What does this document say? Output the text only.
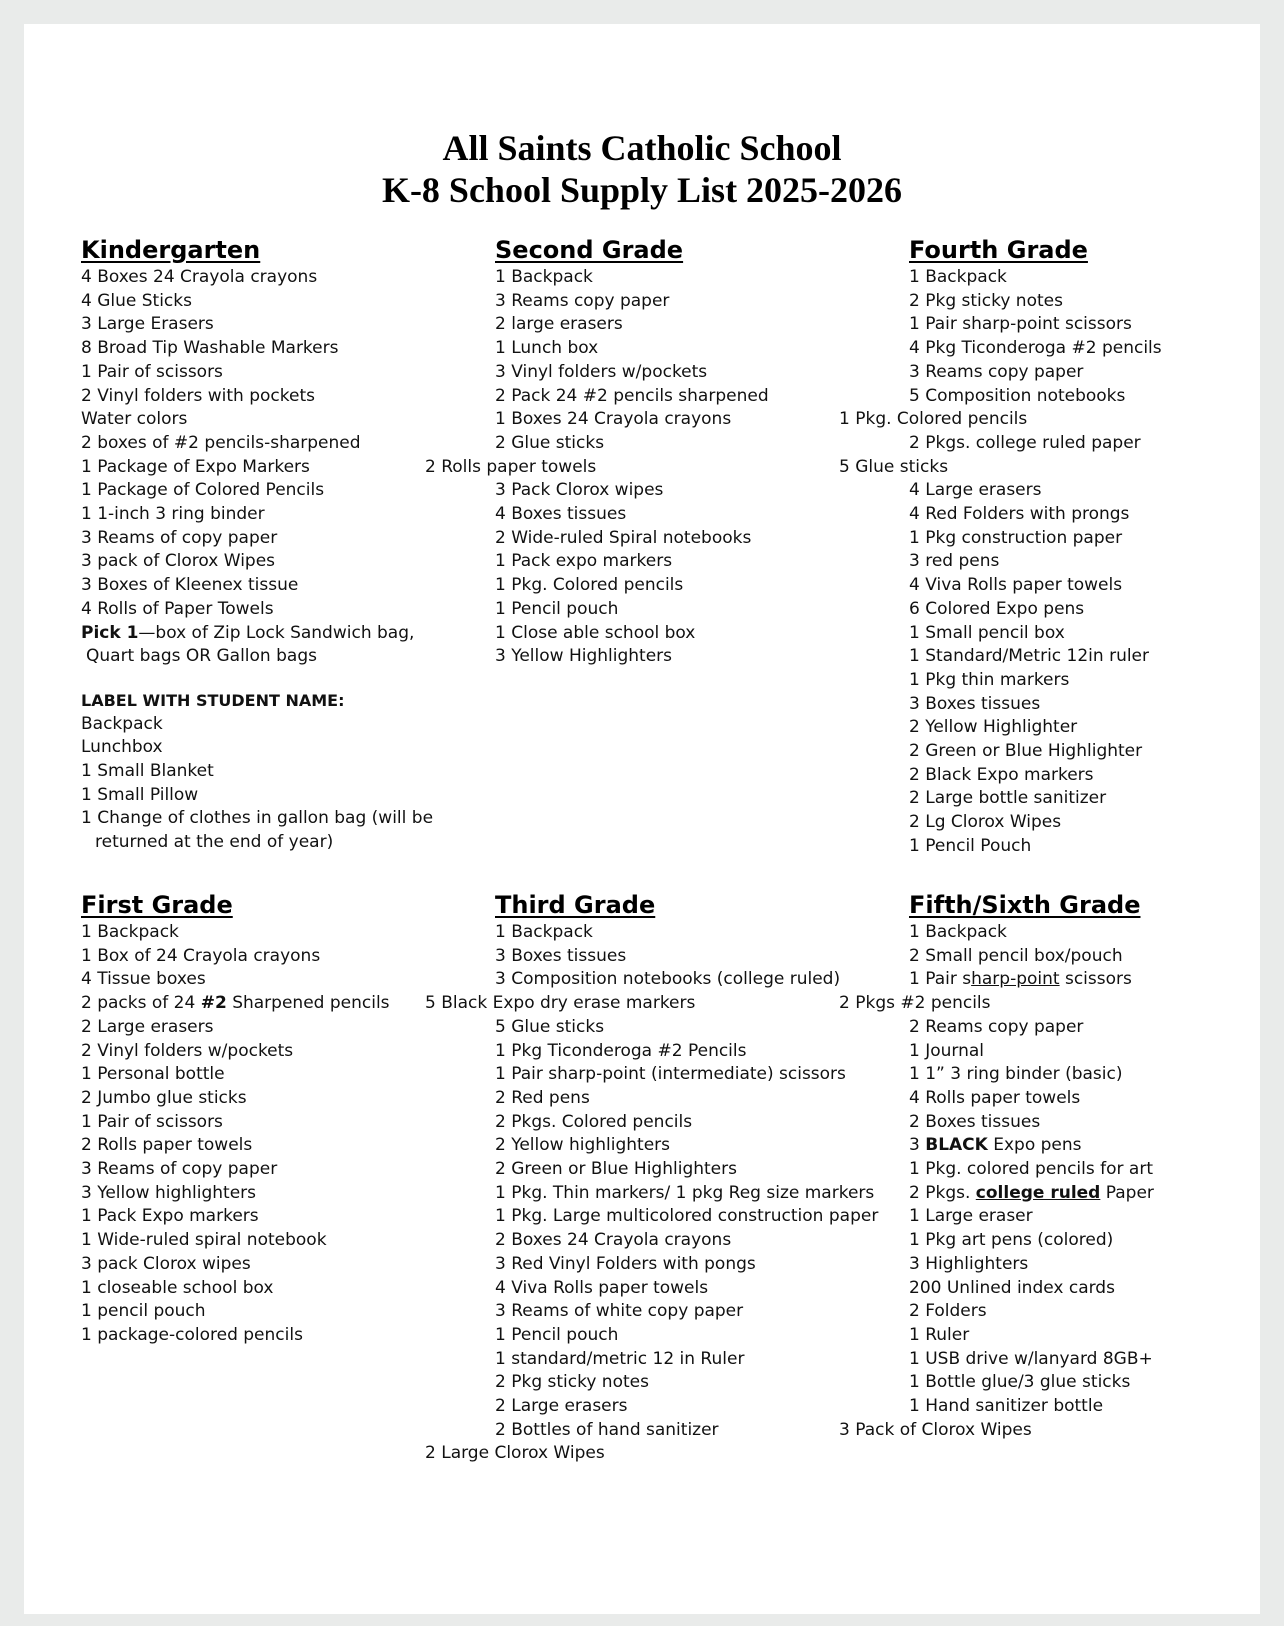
All Saints Catholic School
K-8 School Supply List 2025-2026
Kindergarten
4 Boxes 24 Crayola crayons
4 Glue Sticks
3 Large Erasers
8 Broad Tip Washable Markers
1 Pair of scissors
2 Vinyl folders with pockets
Water colors
2 boxes of #2 pencils-sharpened
1 Package of Expo Markers
1 Package of Colored Pencils
1 1-inch 3 ring binder
3 Reams of copy paper
3 pack of Clorox Wipes
3 Boxes of Kleenex tissue
4 Rolls of Paper Towels
Pick 1—box of Zip Lock Sandwich bag,
Quart bags OR Gallon bags
LABEL WITH STUDENT NAME:
Backpack
Lunchbox
1 Small Blanket
1 Small Pillow
1 Change of clothes in gallon bag (will be
returned at the end of year)
Second Grade
1 Backpack
3 Reams copy paper
2 large erasers
1 Lunch box
3 Vinyl folders w/pockets
2 Pack 24 #2 pencils sharpened
1 Boxes 24 Crayola crayons
2 Glue sticks
2 Rolls paper towels
3 Pack Clorox wipes
4 Boxes tissues
2 Wide-ruled Spiral notebooks
1 Pack expo markers
1 Pkg. Colored pencils
1 Pencil pouch
1 Close able school box
3 Yellow Highlighters
Fourth Grade
1 Backpack
2 Pkg sticky notes
1 Pair sharp-point scissors
4 Pkg Ticonderoga #2 pencils
3 Reams copy paper
5 Composition notebooks
1 Pkg. Colored pencils
2 Pkgs. college ruled paper
5 Glue sticks
4 Large erasers
4 Red Folders with prongs
1 Pkg construction paper
3 red pens
4 Viva Rolls paper towels
6 Colored Expo pens
1 Small pencil box
1 Standard/Metric 12in ruler
1 Pkg thin markers
3 Boxes tissues
2 Yellow Highlighter
2 Green or Blue Highlighter
2 Black Expo markers
2 Large bottle sanitizer
2 Lg Clorox Wipes
1 Pencil Pouch
First Grade
1 Backpack
1 Box of 24 Crayola crayons
4 Tissue boxes
2 packs of 24 #2 Sharpened pencils
2 Large erasers
2 Vinyl folders w/pockets
1 Personal bottle
2 Jumbo glue sticks
1 Pair of scissors
2 Rolls paper towels
3 Reams of copy paper
3 Yellow highlighters
1 Pack Expo markers
1 Wide-ruled spiral notebook
3 pack Clorox wipes
1 closeable school box
1 pencil pouch
1 package-colored pencils
Third Grade
1 Backpack
3 Boxes tissues
3 Composition notebooks (college ruled)
5 Black Expo dry erase markers
5 Glue sticks
1 Pkg Ticonderoga #2 Pencils
1 Pair sharp-point (intermediate) scissors
2 Red pens
2 Pkgs. Colored pencils
2 Yellow highlighters
2 Green or Blue Highlighters
1 Pkg. Thin markers/ 1 pkg Reg size markers
1 Pkg. Large multicolored construction paper
2 Boxes 24 Crayola crayons
3 Red Vinyl Folders with pongs
4 Viva Rolls paper towels
3 Reams of white copy paper
1 Pencil pouch
1 standard/metric 12 in Ruler
2 Pkg sticky notes
2 Large erasers
2 Bottles of hand sanitizer
2 Large Clorox Wipes
Fifth/Sixth Grade
1 Backpack
2 Small pencil box/pouch
1 Pair sharp-point scissors
2 Pkgs #2 pencils
2 Reams copy paper
1 Journal
1 1” 3 ring binder (basic)
4 Rolls paper towels
2 Boxes tissues
3 BLACK Expo pens
1 Pkg. colored pencils for art
2 Pkgs. college ruled Paper
1 Large eraser
1 Pkg art pens (colored)
3 Highlighters
200 Unlined index cards
2 Folders
1 Ruler
1 USB drive w/lanyard 8GB+
1 Bottle glue/3 glue sticks
1 Hand sanitizer bottle
3 Pack of Clorox Wipes
